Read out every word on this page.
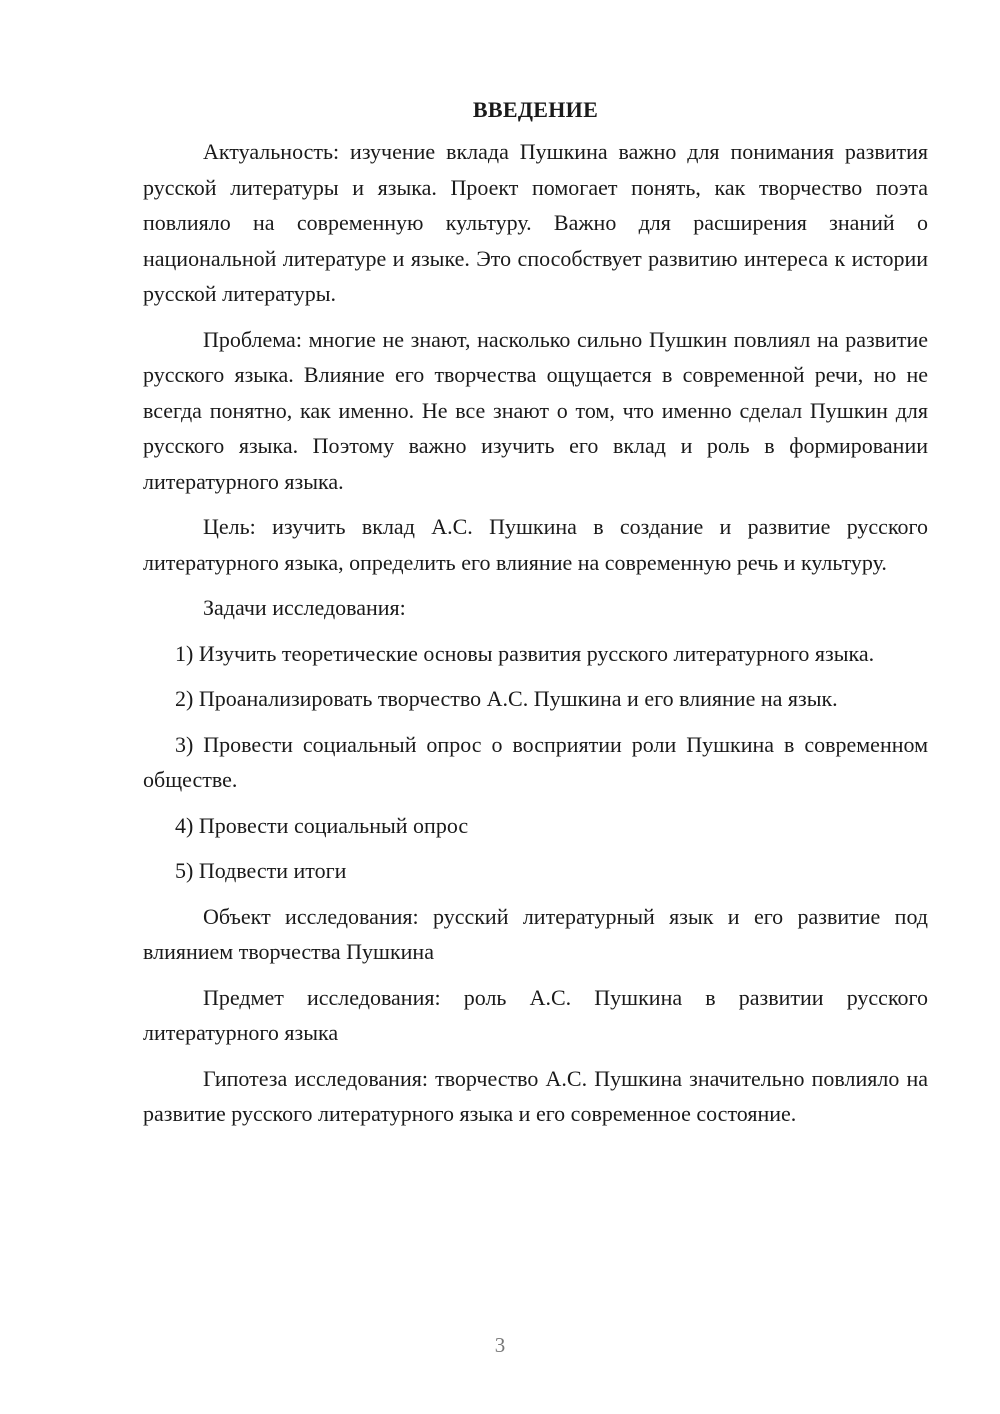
ВВЕДЕНИЕ

Актуальность: изучение вклада Пушкина важно для понимания развития русской литературы и языка. Проект помогает понять, как творчество поэта повлияло на современную культуру. Важно для расширения знаний о национальной литературе и языке. Это способствует развитию интереса к истории русской литературы.

Проблема: многие не знают, насколько сильно Пушкин повлиял на развитие русского языка. Влияние его творчества ощущается в современной речи, но не всегда понятно, как именно. Не все знают о том, что именно сделал Пушкин для русского языка. Поэтому важно изучить его вклад и роль в формировании литературного языка.

Цель: изучить вклад А.С. Пушкина в создание и развитие русского литературного языка, определить его влияние на современную речь и культуру.

Задачи исследования:

1) Изучить теоретические основы развития русского литературного языка.

2) Проанализировать творчество А.С. Пушкина и его влияние на язык.

3) Провести социальный опрос о восприятии роли Пушкина в современном обществе.

4) Провести социальный опрос

5) Подвести итоги

Объект исследования: русский литературный язык и его развитие под влиянием творчества Пушкина

Предмет исследования: роль А.С. Пушкина в развитии русского литературного языка

Гипотеза исследования: творчество А.С. Пушкина значительно повлияло на развитие русского литературного языка и его современное состояние.

3
